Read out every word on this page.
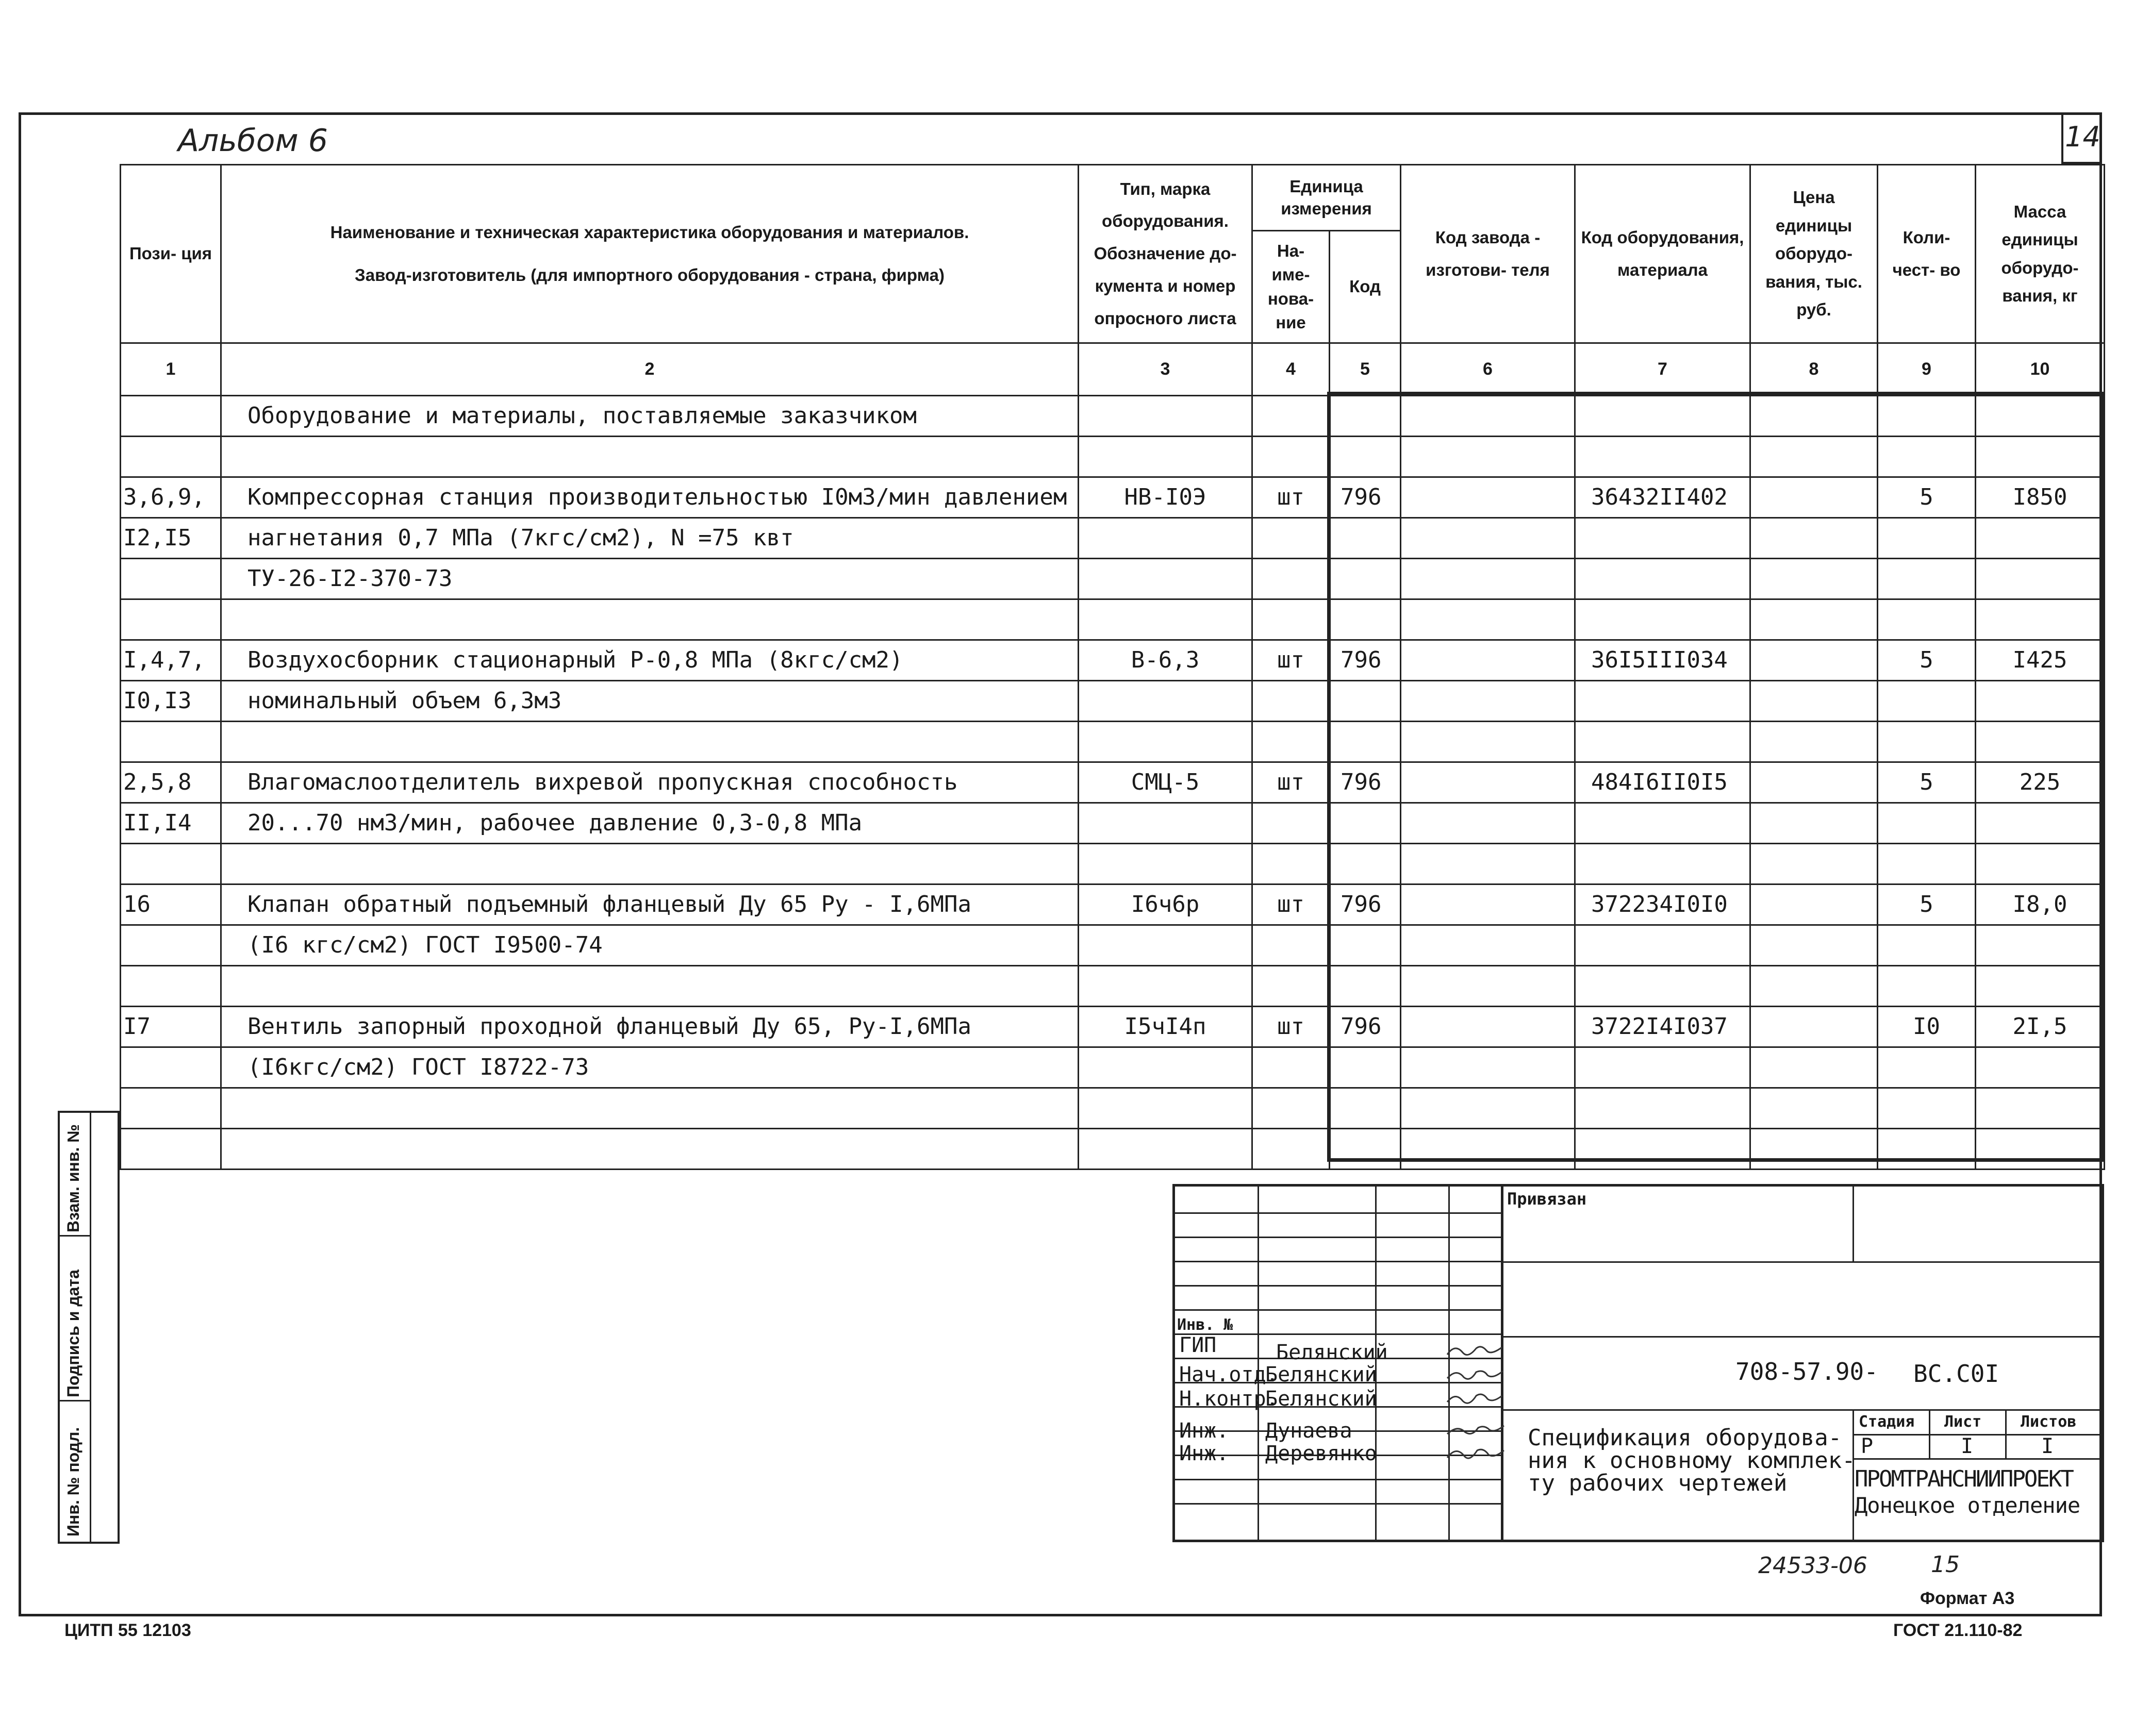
Альбом 6	14
Пози- ция	Наименование и техническая характеристика оборудования и материалов.
Завод-изготовитель (для импортного оборудования - страна, фирма)	Тип, марка оборудования. Обозначение до- кумента и номер опросного листа	Единица измерения		Код завода - изготови- теля	Код оборудования, материала	Цена единицы оборудо- вания, тыс. руб.	Коли- чест- во	Масса единицы оборудо- вания, кг
			На- име- нова- ние	Код					
1	2	3	4	5	6	7	8	9	10
	Оборудование и материалы, поставляемые заказчиком								

3,6,9,	Компрессорная станция производительностью I0м3/мин давлением	НВ-I0Э	шт	796		36432II402		5	I850
I2,I5	нагнетания 0,7 МПа (7кгс/см2), N =75 квт								
	ТУ-26-I2-370-73								

I,4,7,	Воздухосборник стационарный Р-0,8 МПа (8кгс/см2)	В-6,3	шт	796		36I5III034		5	I425
I0,I3	номинальный объем 6,3м3								

2,5,8	Влагомаслоотделитель вихревой пропускная способность	СМЦ-5	шт	796		484I6II0I5		5	225
II,I4	20...70 нм3/мин, рабочее давление 0,3-0,8 МПа								

16	Клапан обратный подъемный фланцевый Ду 65 Ру - I,6МПа	I6ч6р	шт	796		372234I0I0		5	I8,0
	(I6 кгс/см2) ГОСТ I9500-74								

I7	Вентиль запорный проходной фланцевый Ду 65, Ру-I,6МПа	I5чI4п	шт	796		3722I4I037		I0	2I,5
	(I6кгс/см2) ГОСТ I8722-73								

Взам. инв. №
Подпись и дата
Инв. № подл.
Инв. №
ГИП	Белянский
Нач.отд.
Белянский
Н.контр.
Белянский
Инж. Дунаева
Инж. Деревянко
Привязан
708-57.90- ВС.С0I
Спецификация оборудова-
ния к основному комплек-
ту рабочих чертежей
Стадия Лист	Листов
Р	I	I
ПРОМТРАНСНИИПРОЕКТ
Донецкое отделение
24533-06	15
Формат А3
ЦИТП 55 12103	ГОСТ 21.110-82
